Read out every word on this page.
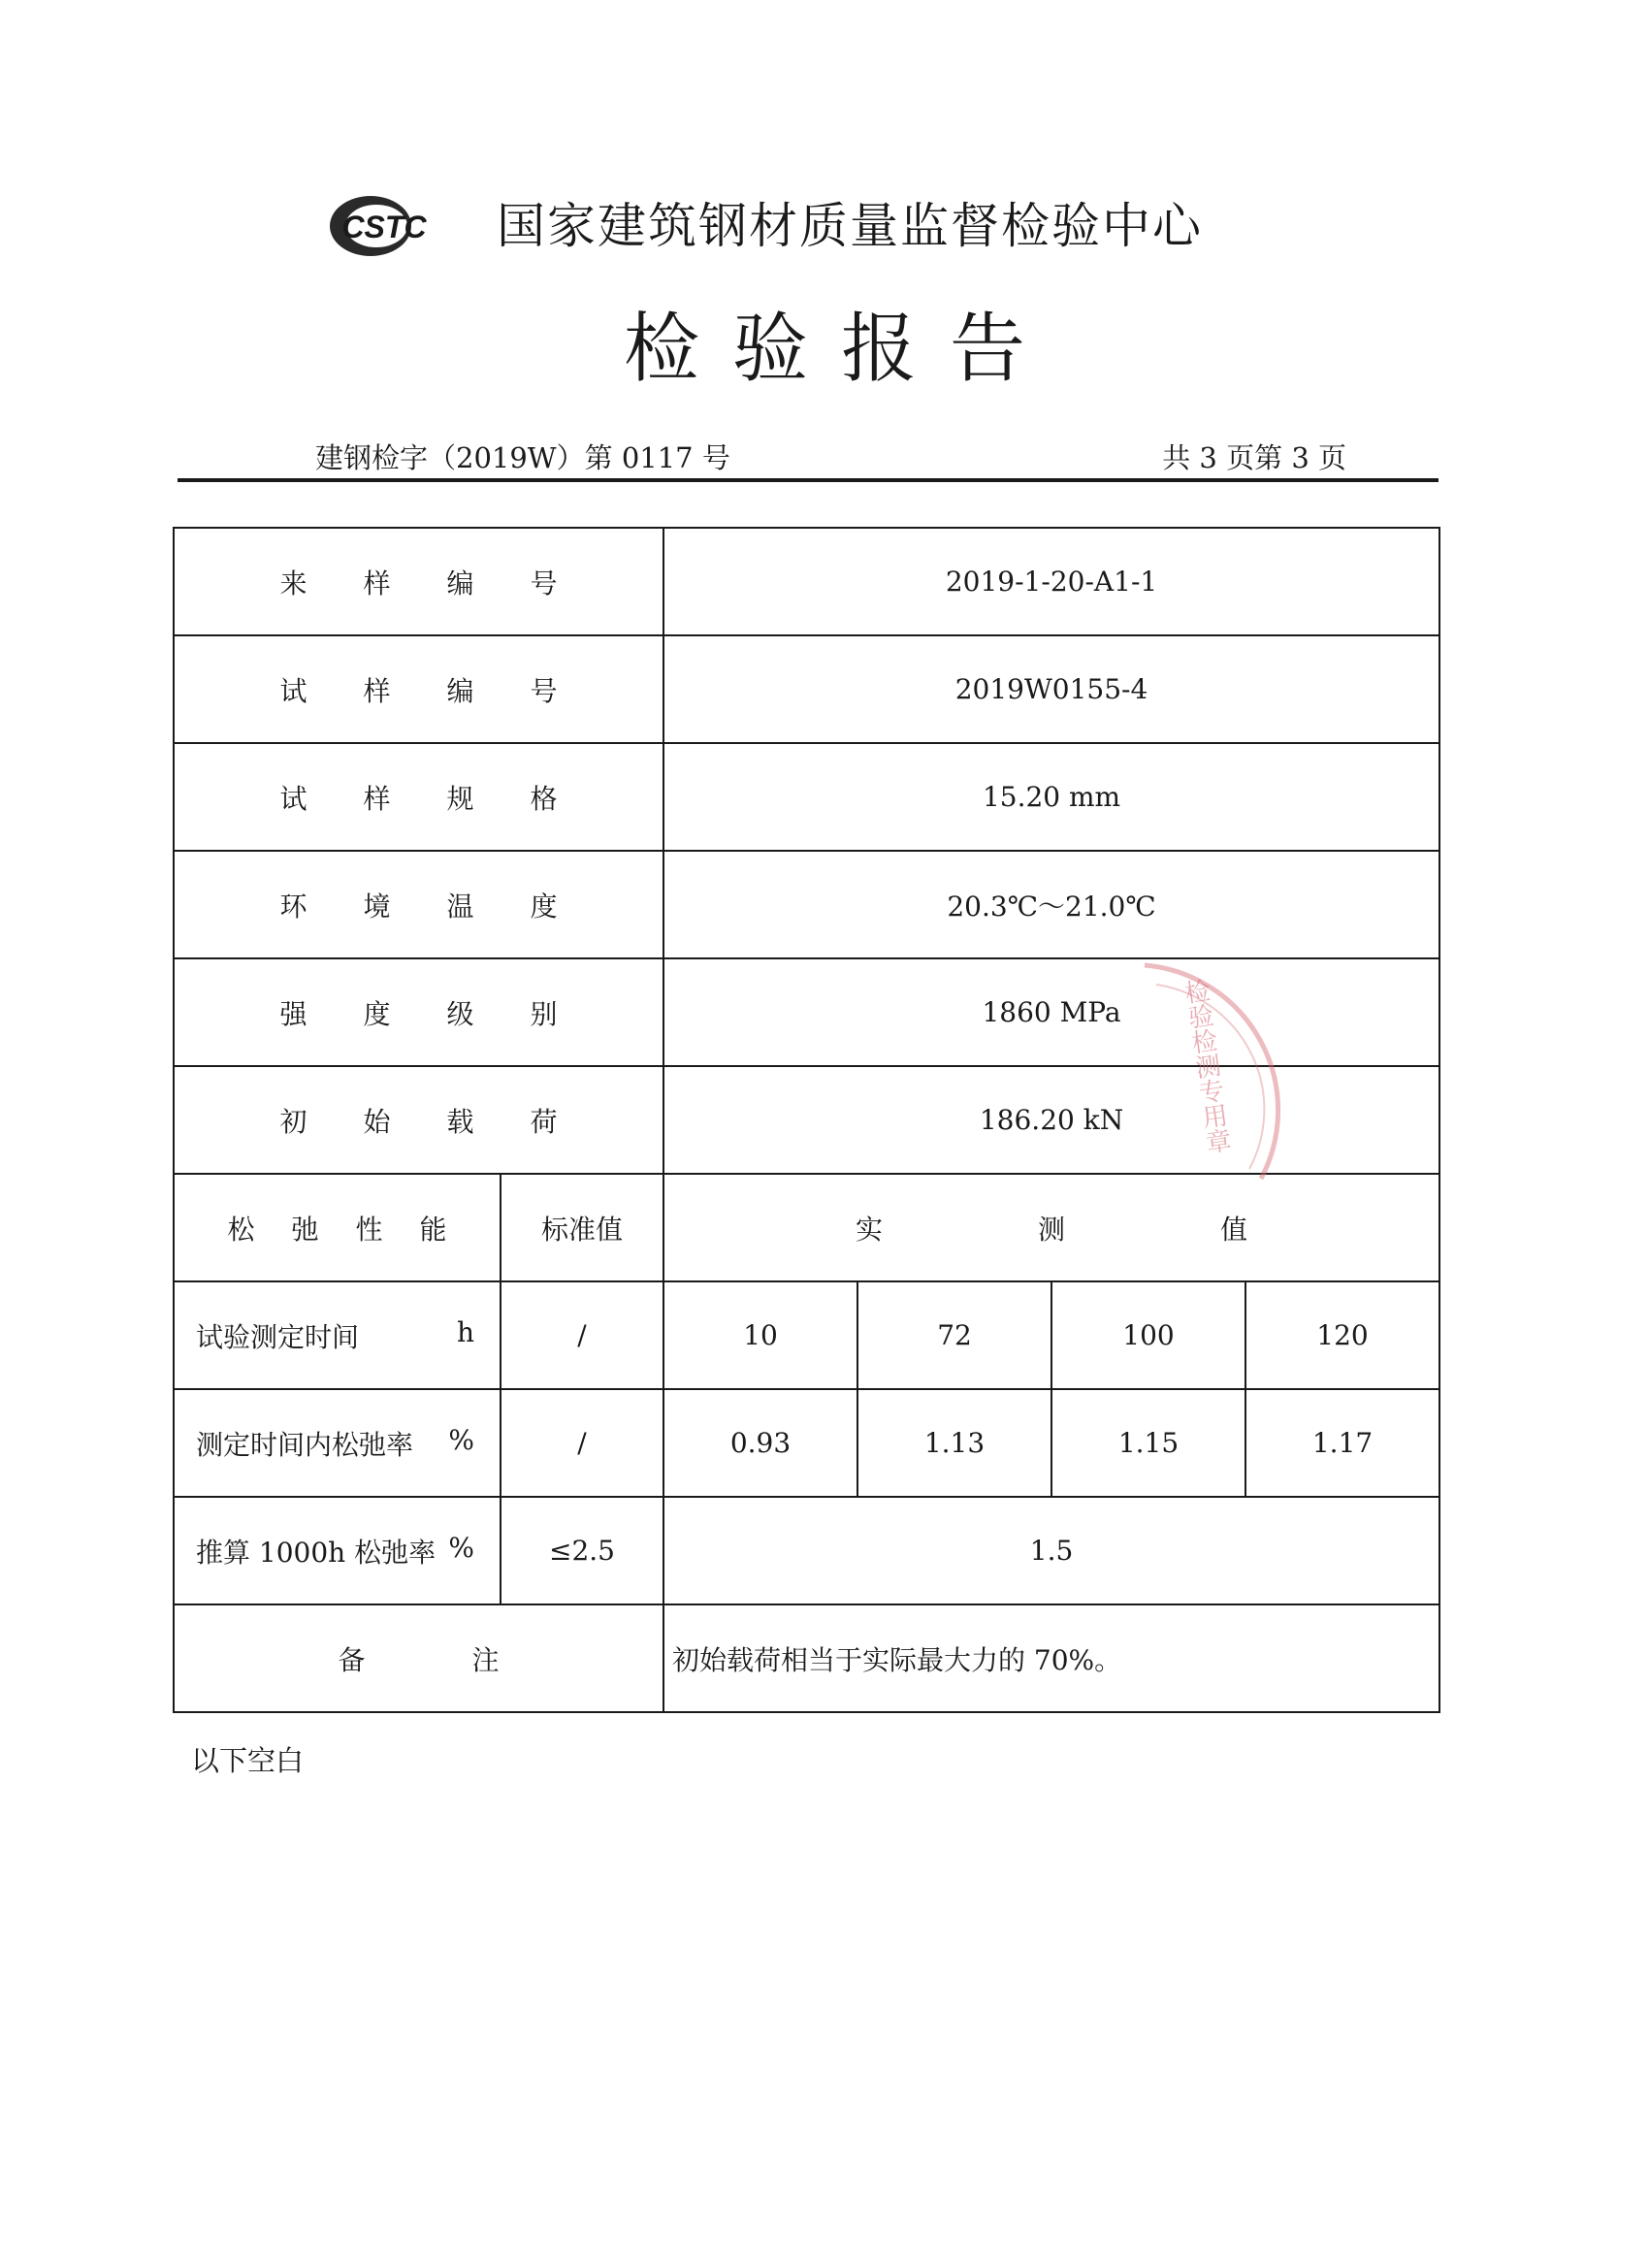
CSTC 国家建筑钢材质量监督检验中心
检验报告
建钢检字（2019W）第 0117 号	共 3 页第 3 页
来样编号		2019-1-20-A1-1			
试样编号		2019W0155-4			
试样规格		15.20 mm			
环境温度		20.3℃～21.0℃			
强度级别		1860 MPa			
初始载荷		186.20 kN			
松弛性能	标准值	实测值			

试验测定时间 h	/	10	72	100	120

测定时间内松弛率 %	/	0.93	1.13	1.15	1.17

推算 1000h 松弛率 %	≤2.5	1.5			
备注		初始载荷相当于实际最大力的 70%。			
以下空白
检验检测专用章
